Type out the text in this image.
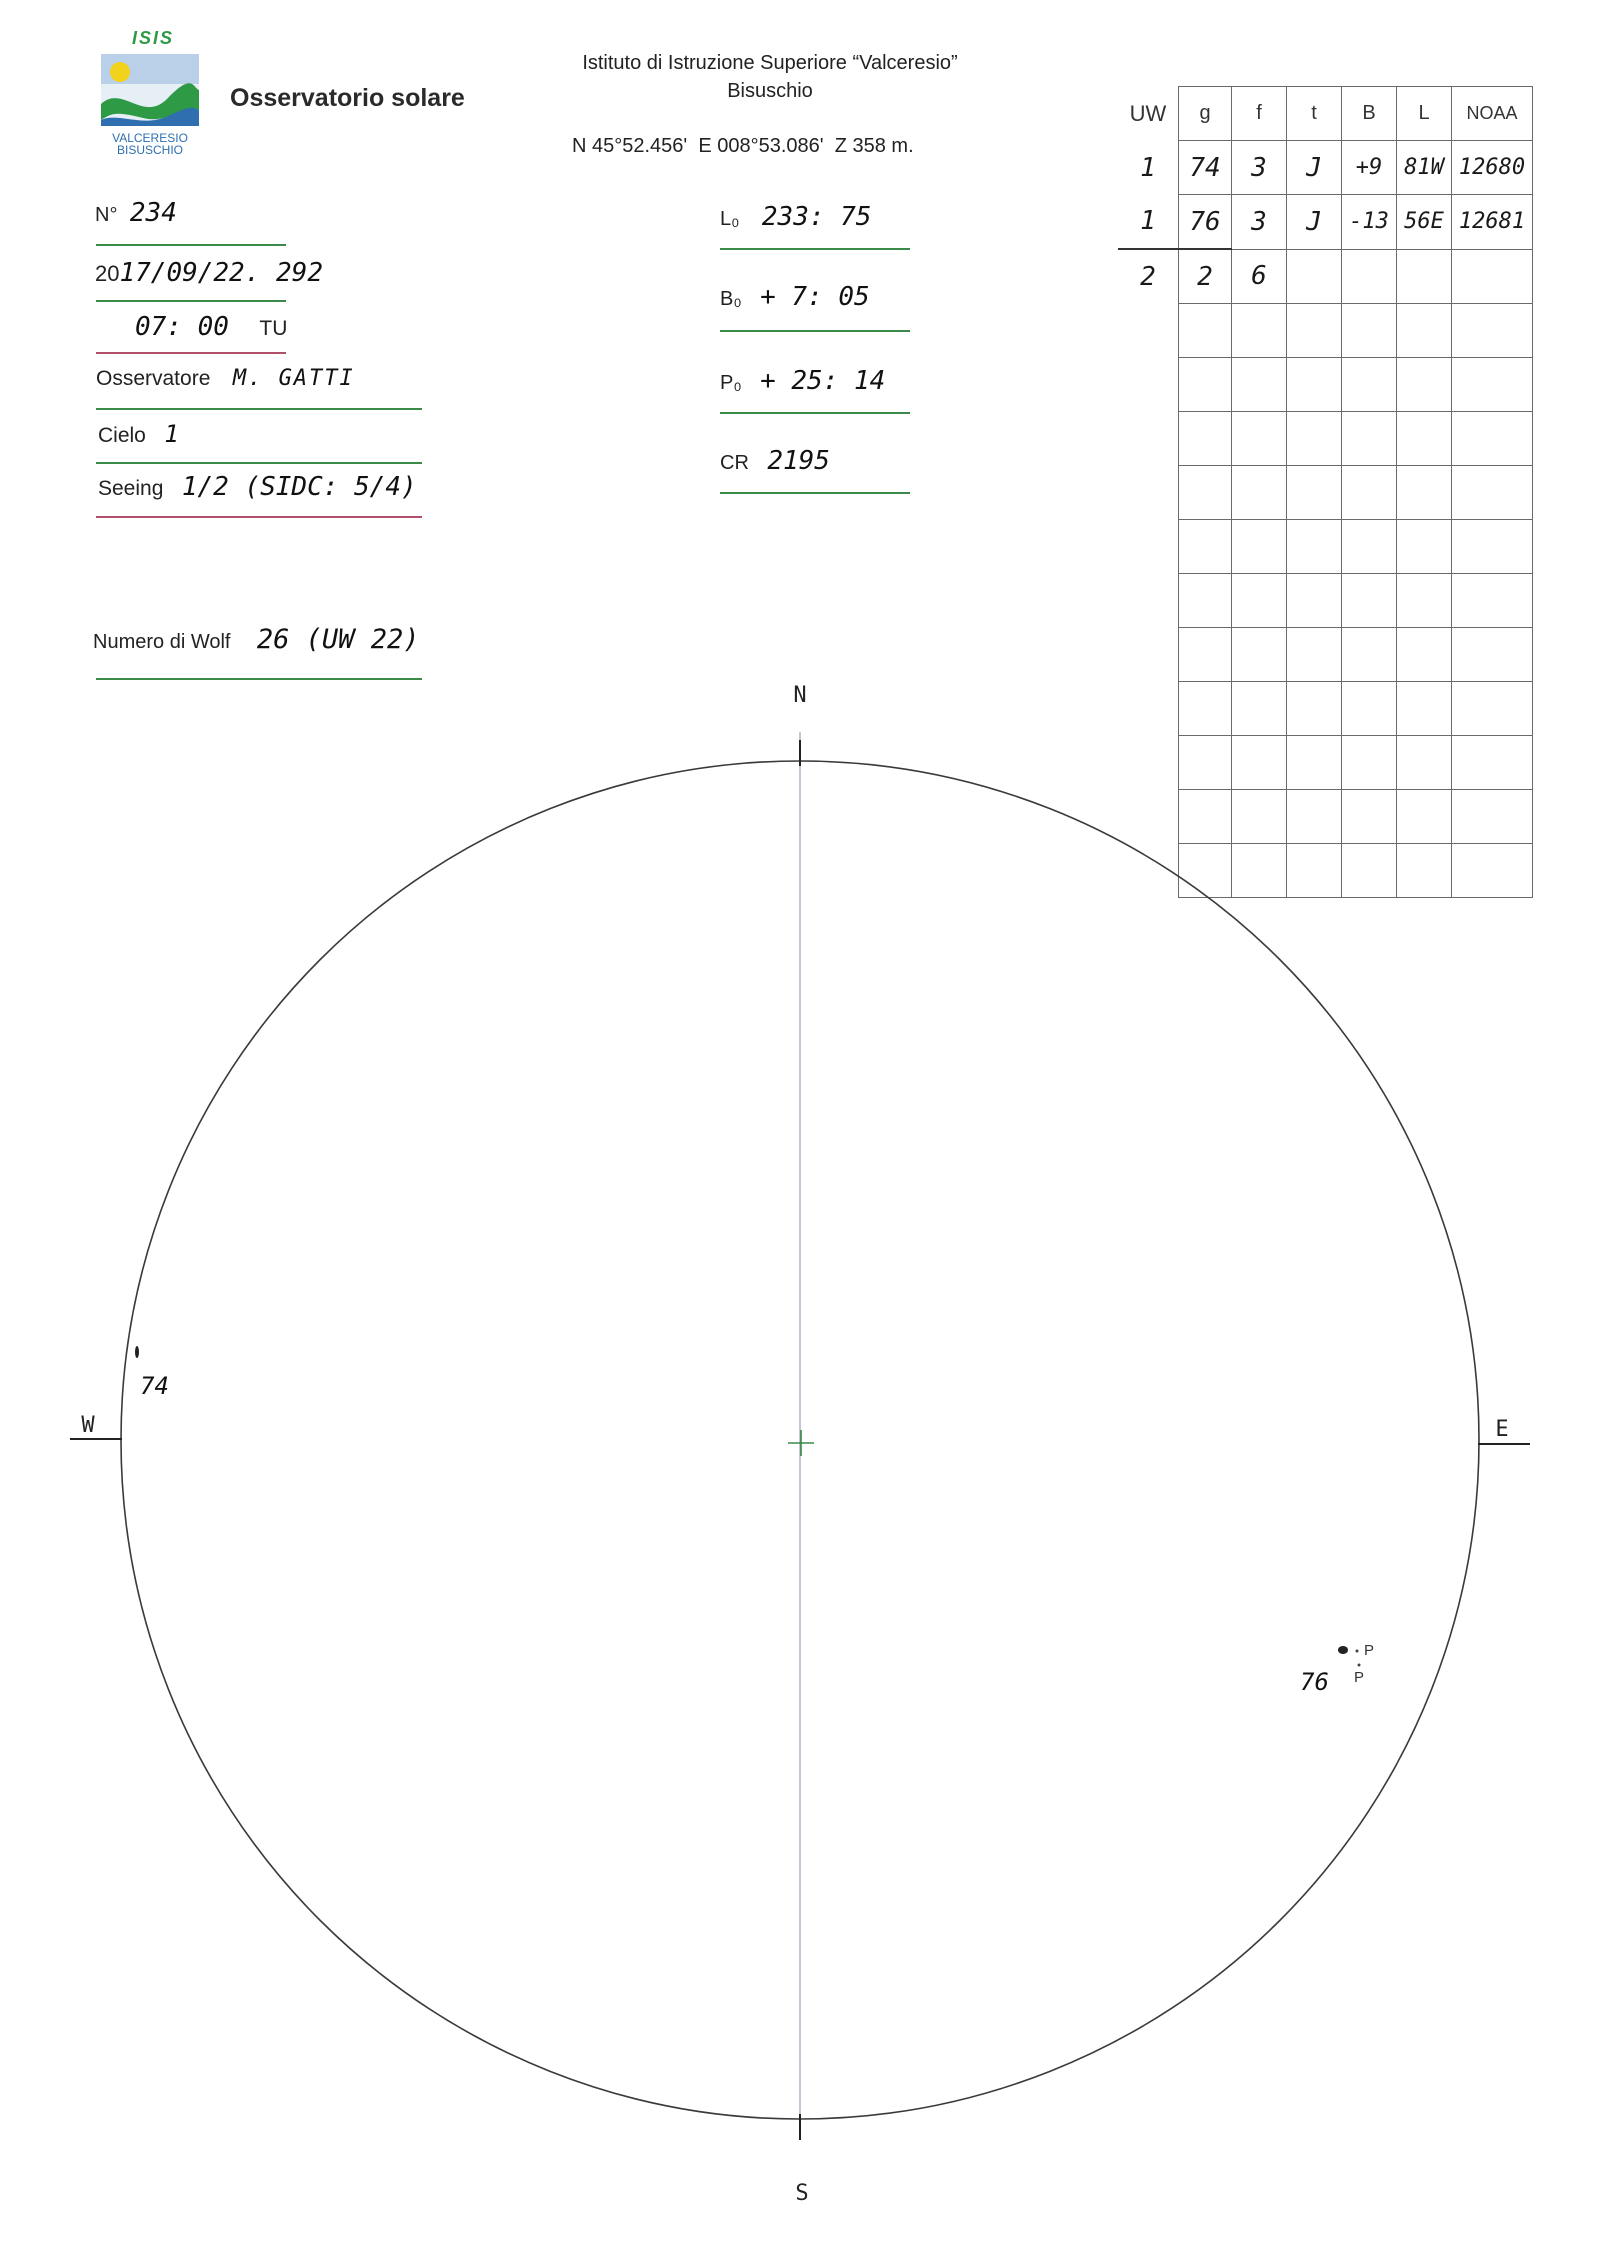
ISIS
VALCERESIO
BISUSCHIO
Osservatorio solare
Istituto di Istruzione Superiore “Valceresio”
Bisuschio
N 45°52.456'  E 008°53.086'  Z 358 m.
N° 234
2017/09/22. 292
07: 00 TU
Osservatore M. GATTI
Cielo 1
Seeing 1/2 (SIDC: 5/4)
Numero di Wolf 26 (UW 22)
L₀ 233: 75
B₀ + 7: 05
P₀ + 25: 14
CR 2195
UW	g	f	t	B	L	NOAA
1	74	3	J	+9	81W	12680
1	76	3	J	-13	56E	12681
2	2	6				

N
S
W	E
74
P
P
76
